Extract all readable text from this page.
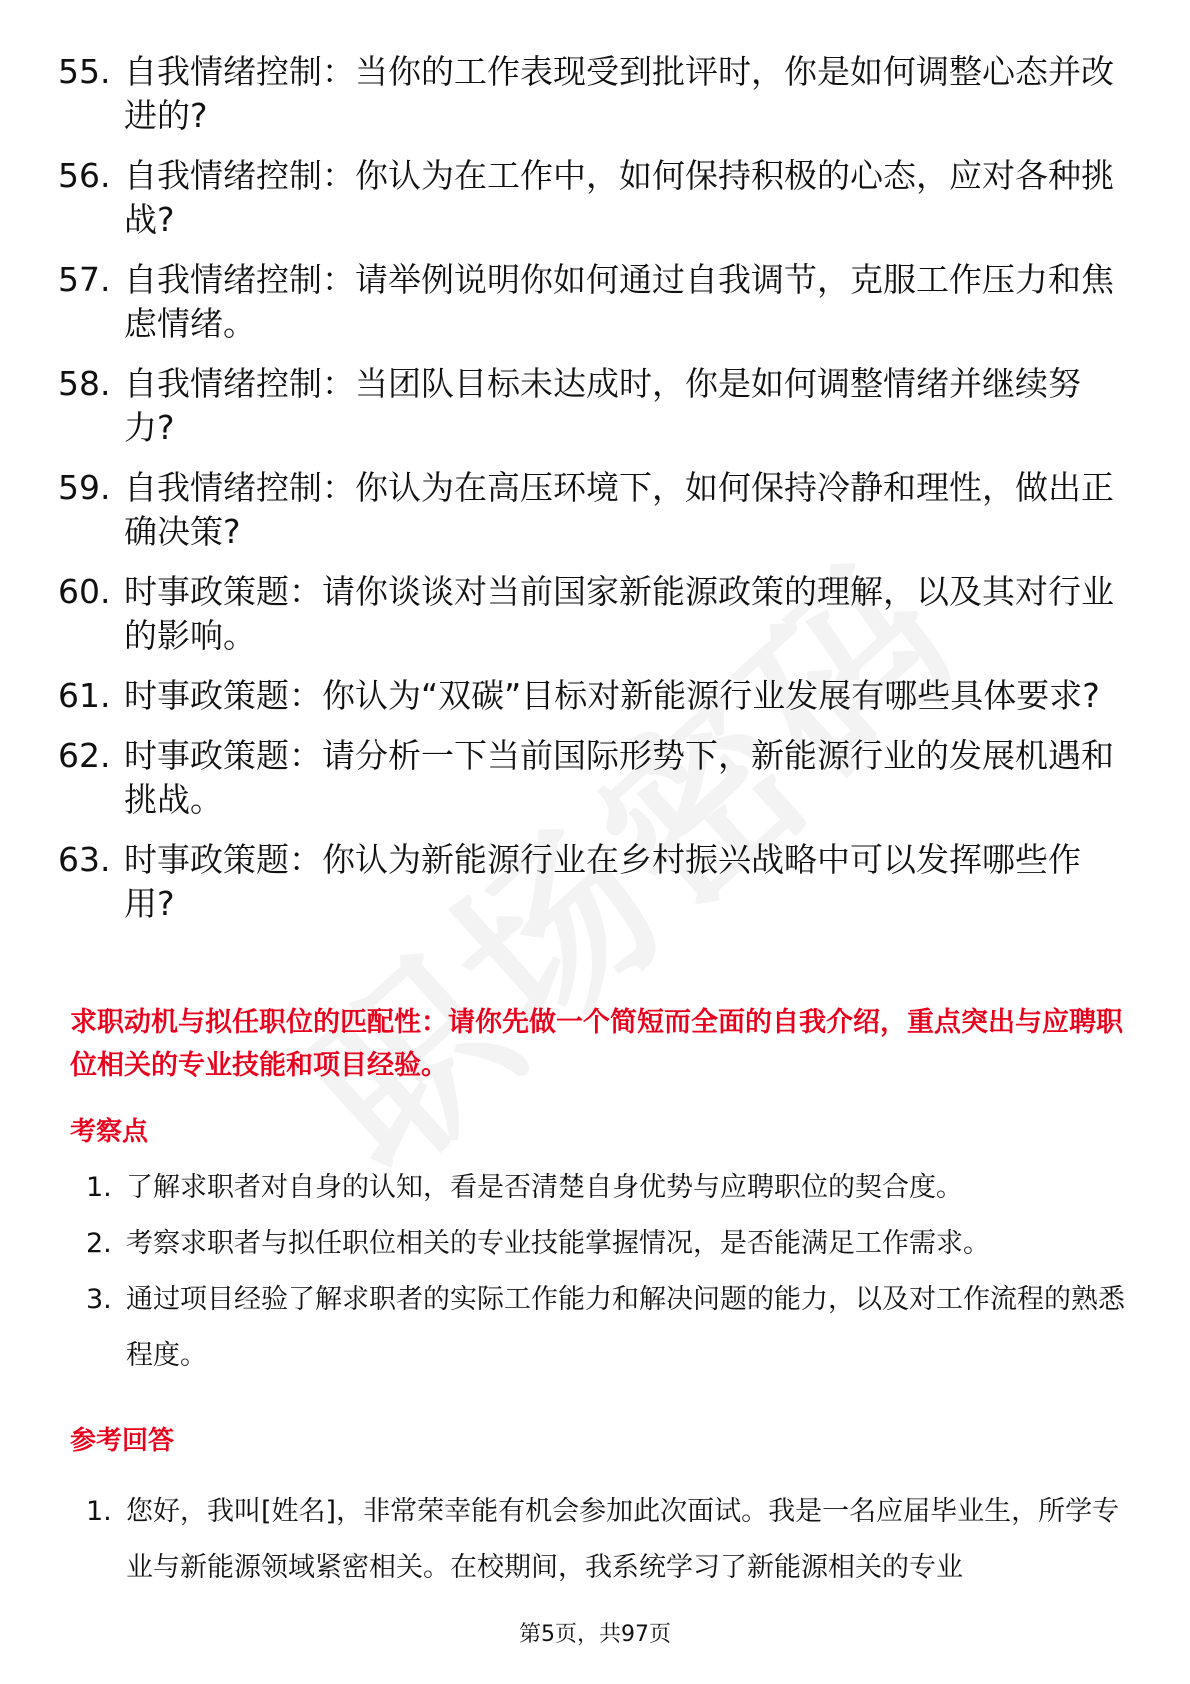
55. 自我情绪控制：当你的工作表现受到批评时，你是如何调整心态并改进的?
56. 自我情绪控制：你认为在工作中，如何保持积极的心态，应对各种挑战?
57. 自我情绪控制：请举例说明你如何通过自我调节，克服工作压力和焦虑情绪。
58. 自我情绪控制：当团队目标未达成时，你是如何调整情绪并继续努力?
59. 自我情绪控制：你认为在高压环境下，如何保持冷静和理性，做出正确决策?
60. 时事政策题：请你谈谈对当前国家新能源政策的理解，以及其对行业的影响。
61. 时事政策题：你认为“双碳”目标对新能源行业发展有哪些具体要求?
62. 时事政策题：请分析一下当前国际形势下，新能源行业的发展机遇和挑战。
63. 时事政策题：你认为新能源行业在乡村振兴战略中可以发挥哪些作用?
求职动机与拟任职位的匹配性：请你先做一个简短而全面的自我介绍，重点突出与应聘职位相关的专业技能和项目经验。
考察点
1. 了解求职者对自身的认知，看是否清楚自身优势与应聘职位的契合度。
2. 考察求职者与拟任职位相关的专业技能掌握情况，是否能满足工作需求。
3. 通过项目经验了解求职者的实际工作能力和解决问题的能力，以及对工作流程的熟悉程度。
参考回答
1. 您好，我叫[姓名]，非常荣幸能有机会参加此次面试。我是一名应届毕业生，所学专业与新能源领域紧密相关。在校期间，我系统学习了新能源相关的专业
第5页，共97页
